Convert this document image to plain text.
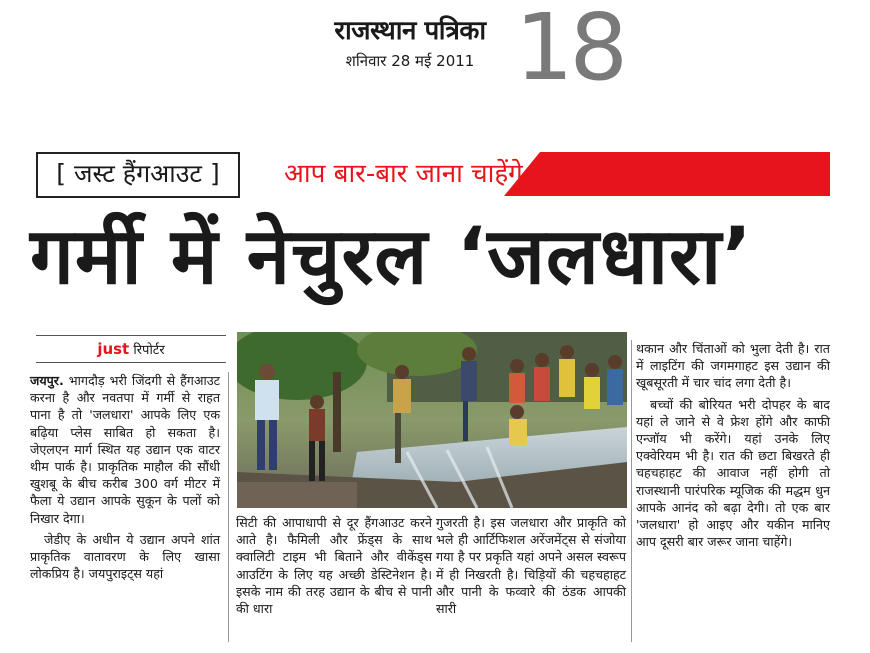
राजस्थान पत्रिका
शनिवार 28 मई 2011 18
[ जस्ट हैंगआउट ]	आप बार-बार जाना चाहेंगे
गर्मी में नेचुरल ‘जलधारा’
just रिपोर्टर

जयपुर. भागदौड़ भरी जिंदगी से हैंगआउट करना है और नवतपा में गर्मी से राहत पाना है तो 'जलधारा' आपके लिए एक बढ़िया प्लेस साबित हो सकता है। जेएलएन मार्ग स्थित यह उद्यान एक वाटर थीम पार्क है। प्राकृतिक माहौल की सौंधी खुशबू के बीच करीब 300 वर्ग मीटर में फैला ये उद्यान आपके सुकून के पलों को निखार देगा।

जेडीए के अधीन ये उद्यान अपने शांत प्राकृतिक वातावरण के लिए खासा लोकप्रिय है। जयपुराइट्स यहां

सिटी की आपाधापी से दूर हैंगआउट करने आते है। फैमिली और फ्रेंड्स के साथ क्वालिटी टाइम भी बिताने और वीकेंड्स आउटिंग के लिए यह अच्छी डेस्टिनेशन है। इसके नाम की तरह उद्यान के बीच से पानी की धारा

गुजरती है। इस जलधारा और प्राकृति को भले ही आर्टिफिशल अरेंजमेंट्स से संजोया गया है पर प्रकृति यहां अपने असल स्वरूप में ही निखरती है। चिड़ियों की चहचहाहट और पानी के फव्वारे की ठंडक आपकी सारी

थकान और चिंताओं को भुला देती है। रात में लाइटिंग की जगमगाहट इस उद्यान की खूबसूरती में चार चांद लगा देती है।

बच्चों की बोरियत भरी दोपहर के बाद यहां ले जाने से वे फ्रेश होंगे और काफी एन्जॉय भी करेंगे। यहां उनके लिए एक्वेरियम भी है। रात की छटा बिखरते ही चहचहाहट की आवाज नहीं होगी तो राजस्थानी पारंपरिक म्यूजिक की मद्धम धुन आपके आनंद को बढ़ा देगी। तो एक बार 'जलधारा' हो आइए और यकीन मानिए आप दूसरी बार जरूर जाना चाहेंगे।
